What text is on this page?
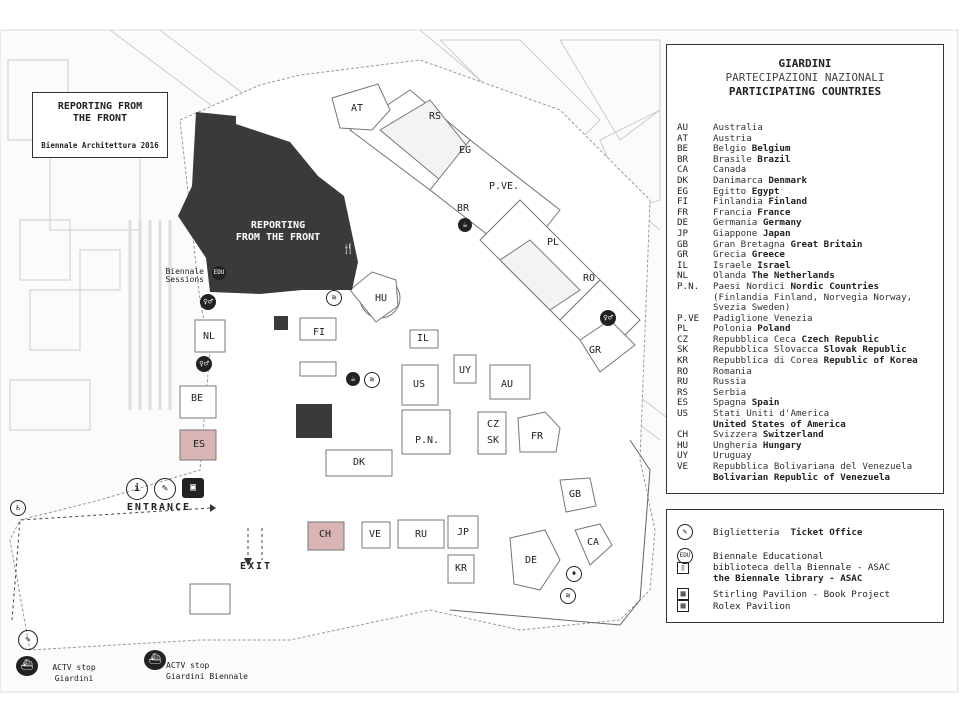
REPORTING FROM
THE FRONT
Biennale Architettura 2016
REPORTING
FROM THE FRONT
AT
RS
EG
P.VE.
BR
PL
RO
GR
HU
FI
IL
NL
BE
ES
US
UY
AU
CZ
SK	FR
P.N.
DK
GB
CA
JP
KR
DE
RU
VE
CH
Biennale Sessions
EDU
ENTRANCE
EXIT
ACTV stop
Giardini
ACTV stop
Giardini Biennale
i	✎	▣
♿
✎
⛴
⛴
🍴
♀♂
♀♂
♀♂
≋
≋
≋
☕
☕
♦
GIARDINI
PARTECIPAZIONI NAZIONALI
PARTICIPATING COUNTRIES
AU	Australia
AT	Austria
BE	Belgio Belgium
BR	Brasile Brazil
CA	Canada
DK	Danimarca Denmark
EG	Egitto Egypt
FI	Finlandia Finland
FR	Francia France
DE	Germania Germany
JP	Giappone Japan
GB	Gran Bretagna Great Britain
GR	Grecia Greece
IL	Israele Israel
NL	Olanda The Netherlands
P.N.	Paesi Nordici Nordic Countries
(Finlandia Finland, Norvegia Norway,
Svezia Sweden)
P.VE	Padiglione Venezia
PL	Polonia Poland
CZ	Repubblica Ceca Czech Republic
SK	Repubblica Slovacca Slovak Republic
KR	Repubblica di Corea Republic of Korea
RO	Romania
RU	Russia
RS	Serbia
ES	Spagna Spain
US	Stati Uniti d'America
United States of America
CH	Svizzera Switzerland
HU	Ungheria Hungary
UY	Uruguay
VE	Repubblica Bolivariana del Venezuela
Bolivarian Republic of Venezuela
✎	Biglietteria
Ticket Office
EDU Biennale Educational
▯	biblioteca della Biennale - ASAC
the Biennale library - ASAC
▦	Stirling Pavilion - Book Project
▦	Rolex Pavilion
